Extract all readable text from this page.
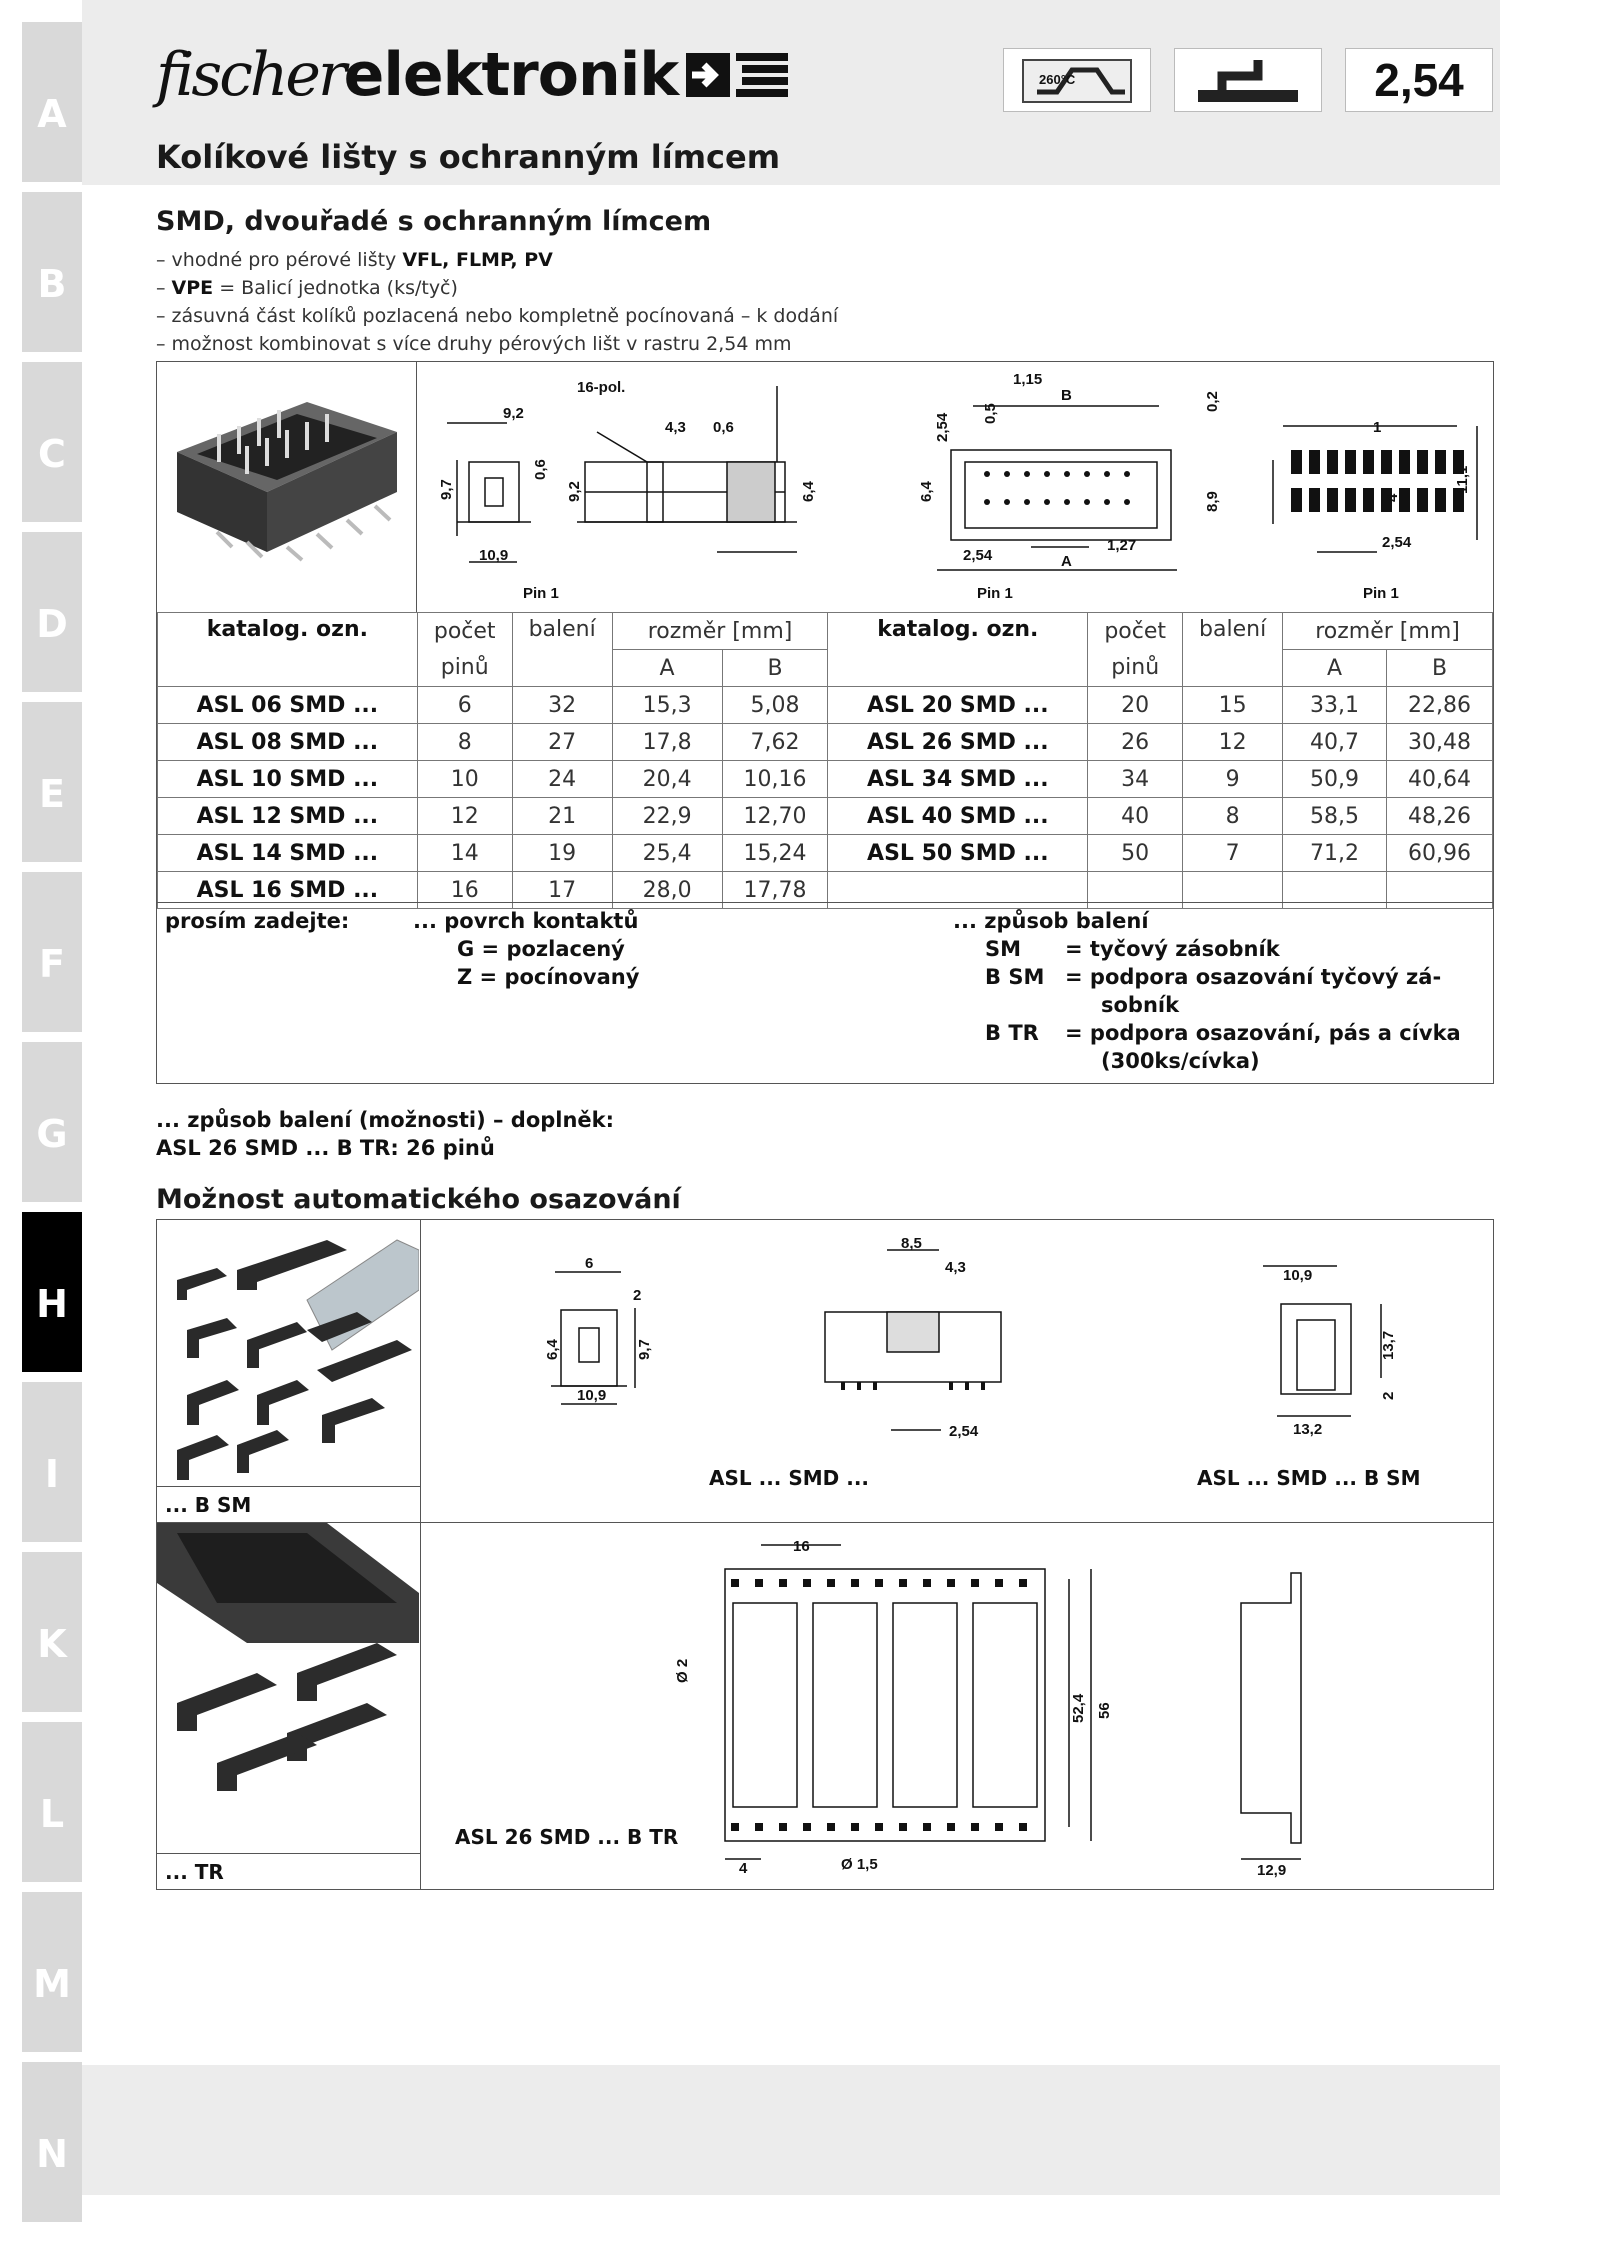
A
B
C
D
E
F
G
H
I
K
L
M
N
fischerelektronik	260°C	2,54
Kolíkové lišty s ochranným límcem
SMD, dvouřadé s ochranným límcem
– vhodné pro pérové lišty VFL, FLMP, PV
– VPE = Balicí jednotka (ks/tyč)
– zásuvná část kolíků pozlacená nebo kompletně pocínovaná – k dodání
– možnost kombinovat s více druhy pérových lišt v rastru 2,54 mm
9,2
0,6
9,7
10,9
Pin 1
16-pol.
4,3 0,6
0,5
1,15
9,2	6,4
2,54
2,54
B	0,2
6,4	8,9
1,27
A
Pin 1
1
4
11,1
2,54
Pin 1
katalog. ozn.	počet	balení	rozměr [mm]		katalog. ozn.	počet	balení	rozměr [mm]	
	pinů		A	B		pinů		A	B
ASL 06 SMD ...	6	32	15,3	5,08	ASL 20 SMD ...	20	15	33,1	22,86
ASL 08 SMD ...	8	27	17,8	7,62	ASL 26 SMD ...	26	12	40,7	30,48
ASL 10 SMD ...	10	24	20,4	10,16	ASL 34 SMD ...	34	9	50,9	40,64
ASL 12 SMD ...	12	21	22,9	12,70	ASL 40 SMD ...	40	8	58,5	48,26
ASL 14 SMD ...	14	19	25,4	15,24	ASL 50 SMD ...	50	7	71,2	60,96
ASL 16 SMD ...	16	17	28,0	17,78					
prosím zadejte:	... povrch kontaktů
G = pozlacený
Z = pocínovaný
... způsob balení
SM = tyčový zásobník
B SM = podpora osazování tyčový zá-
sobník
B TR = podpora osazování, pás a cívka
(300ks/cívka)
... způsob balení (možnosti) – doplněk:
ASL 26 SMD ... B TR: 26 pinů
Možnost automatického osazování
... B SM
6
2
6,4	9,7
10,9
8,5
4,3
2,54
10,9
13,7
2
13,2
ASL ... SMD ...	ASL ... SMD ... B SM
... TR
16
Ø 2
52,4 56
4	Ø 1,5	12,9
ASL 26 SMD ... B TR
